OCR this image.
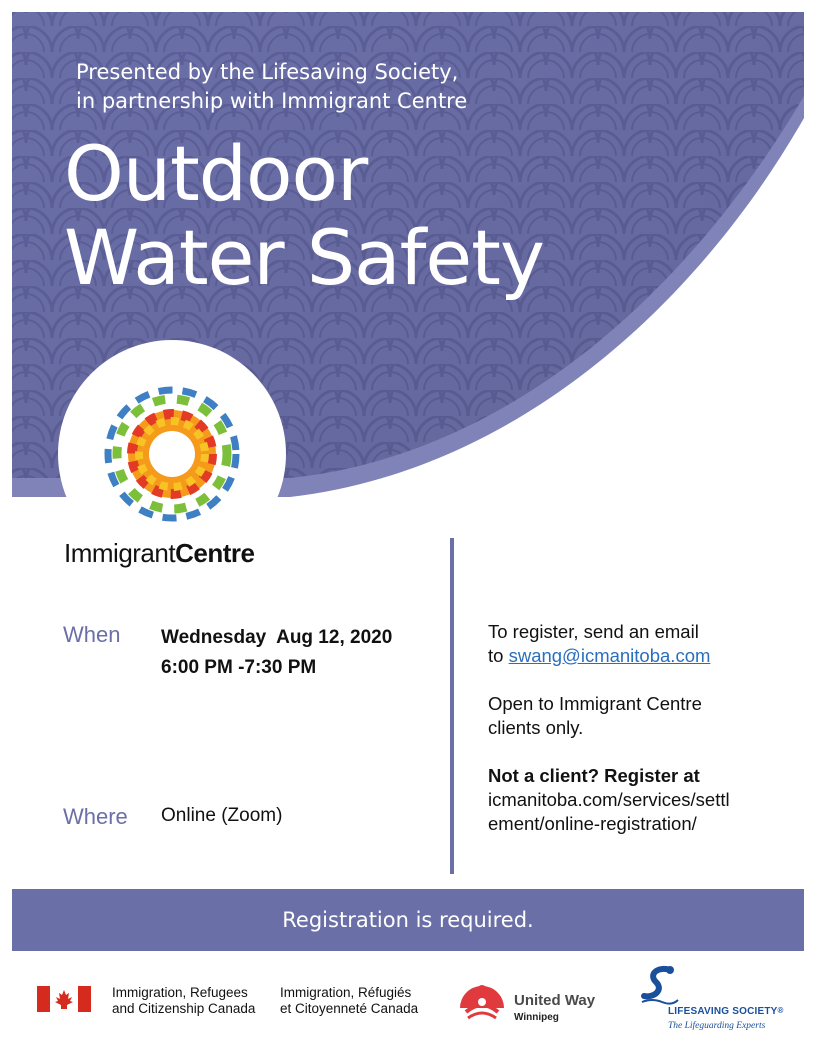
Presented by the Lifesaving Society,
in partnership with Immigrant Centre
Outdoor
Water Safety
ImmigrantCentre
When Wednesday  Aug 12, 2020
6:00 PM -7:30 PM
Where Online (Zoom)

To register, send an email

to swang@icmanitoba.com

Open to Immigrant Centre

clients only.

Not a client? Register at

icmanitoba.com/services/settlement/online-registration/

Registration is required.
Immigration, Refugees
and Citizenship Canada
Immigration, Réfugiés
et Citoyenneté Canada	United Way
Winnipeg
LIFESAVING SOCIETY®
The Lifeguarding Experts
